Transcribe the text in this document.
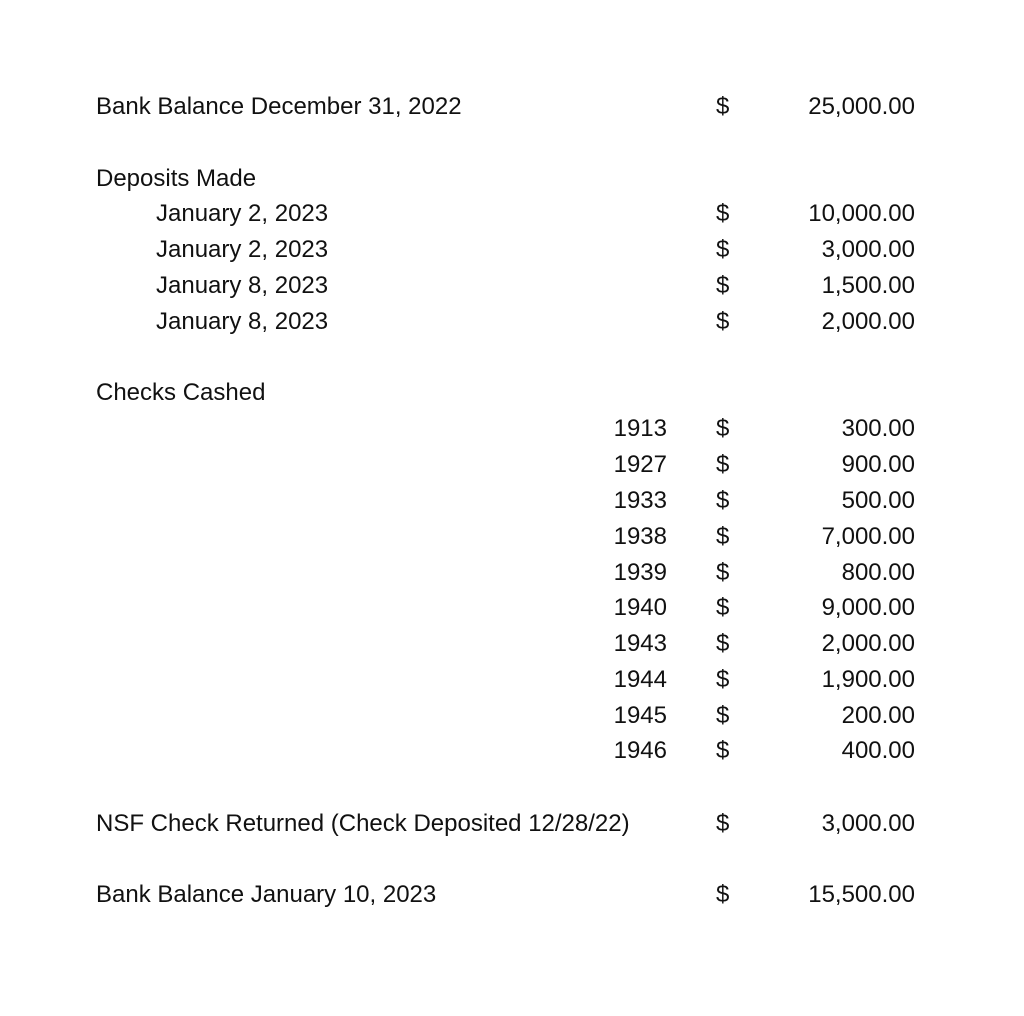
Bank Balance December 31, 2022	$	25,000.00
Deposits Made
January 2, 2023	$	10,000.00
January 2, 2023	$	3,000.00
January 8, 2023	$	1,500.00
January 8, 2023	$	2,000.00
Checks Cashed
1913 $	300.00
1927 $	900.00
1933 $	500.00
1938 $	7,000.00
1939 $	800.00
1940 $	9,000.00
1943 $	2,000.00
1944 $	1,900.00
1945 $	200.00
1946 $	400.00
NSF Check Returned (Check Deposited 12/28/22)	$	3,000.00
Bank Balance January 10, 2023	$	15,500.00
